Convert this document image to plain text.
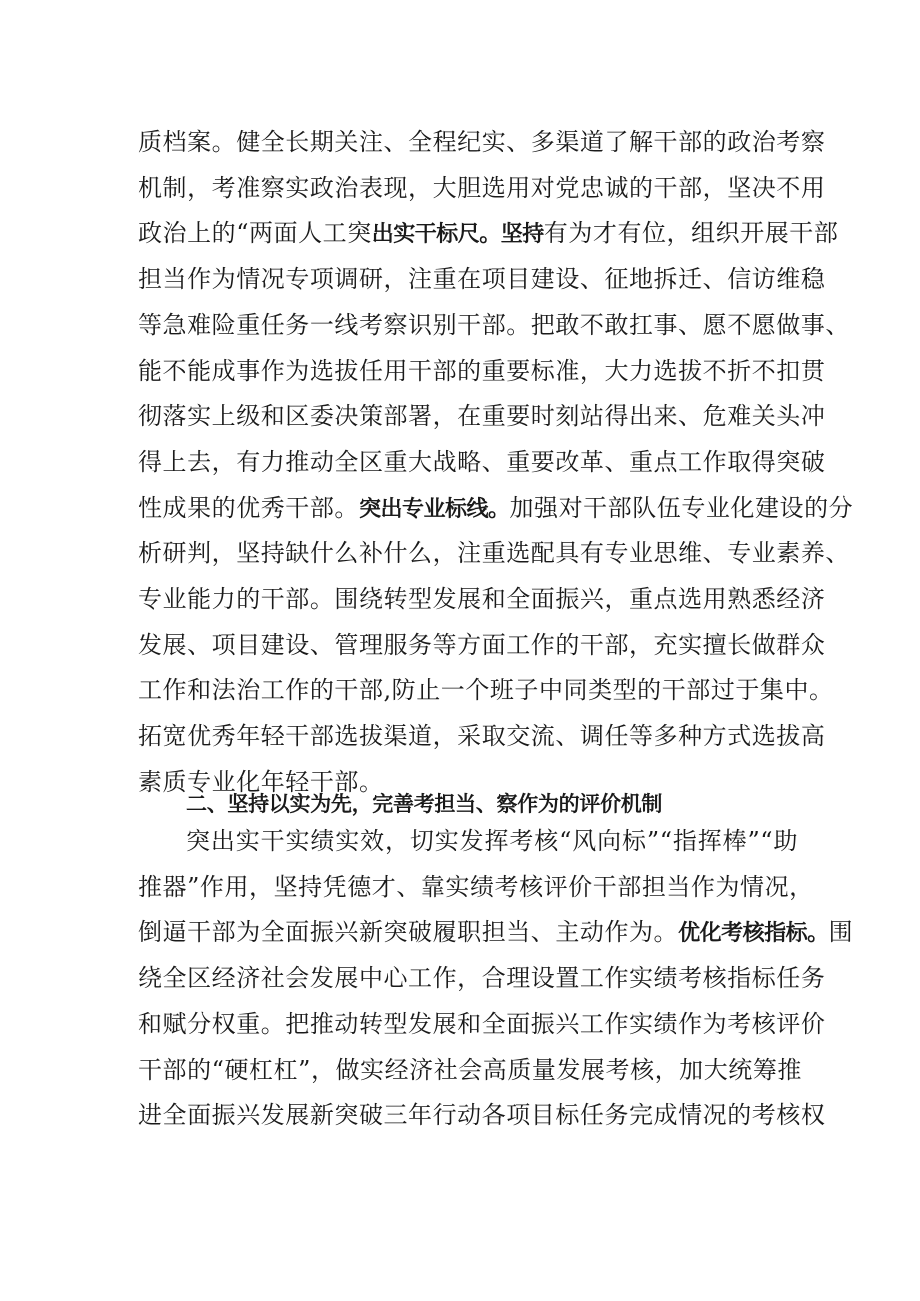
质档案。健全长期关注、全程纪实、多渠道了解干部的政治考察
机制，考准察实政治表现，大胆选用对党忠诚的干部，坚决不用
政治上的“两面人工突出实干标尺。坚持有为才有位，组织开展干部
担当作为情况专项调研，注重在项目建设、征地拆迁、信访维稳
等急难险重任务一线考察识别干部。把敢不敢扛事、愿不愿做事、
能不能成事作为选拔任用干部的重要标准，大力选拔不折不扣贯
彻落实上级和区委决策部署，在重要时刻站得出来、危难关头冲
得上去，有力推动全区重大战略、重要改革、重点工作取得突破
性成果的优秀干部。突出专业标线。加强对干部队伍专业化建设的分
析研判，坚持缺什么补什么，注重选配具有专业思维、专业素养、
专业能力的干部。围绕转型发展和全面振兴，重点选用熟悉经济
发展、项目建设、管理服务等方面工作的干部，充实擅长做群众
工作和法治工作的干部,防止一个班子中同类型的干部过于集中。
拓宽优秀年轻干部选拔渠道，采取交流、调任等多种方式选拔高
素质专业化年轻干部。
二、坚持以实为先，完善考担当、察作为的评价机制
突出实干实绩实效，切实发挥考核“风向标”“指挥棒”“助
推器”作用，坚持凭德才、靠实绩考核评价干部担当作为情况，
倒逼干部为全面振兴新突破履职担当、主动作为。优化考核指标。围
绕全区经济社会发展中心工作，合理设置工作实绩考核指标任务
和赋分权重。把推动转型发展和全面振兴工作实绩作为考核评价
干部的“硬杠杠”，做实经济社会高质量发展考核，加大统筹推
进全面振兴发展新突破三年行动各项目标任务完成情况的考核权
